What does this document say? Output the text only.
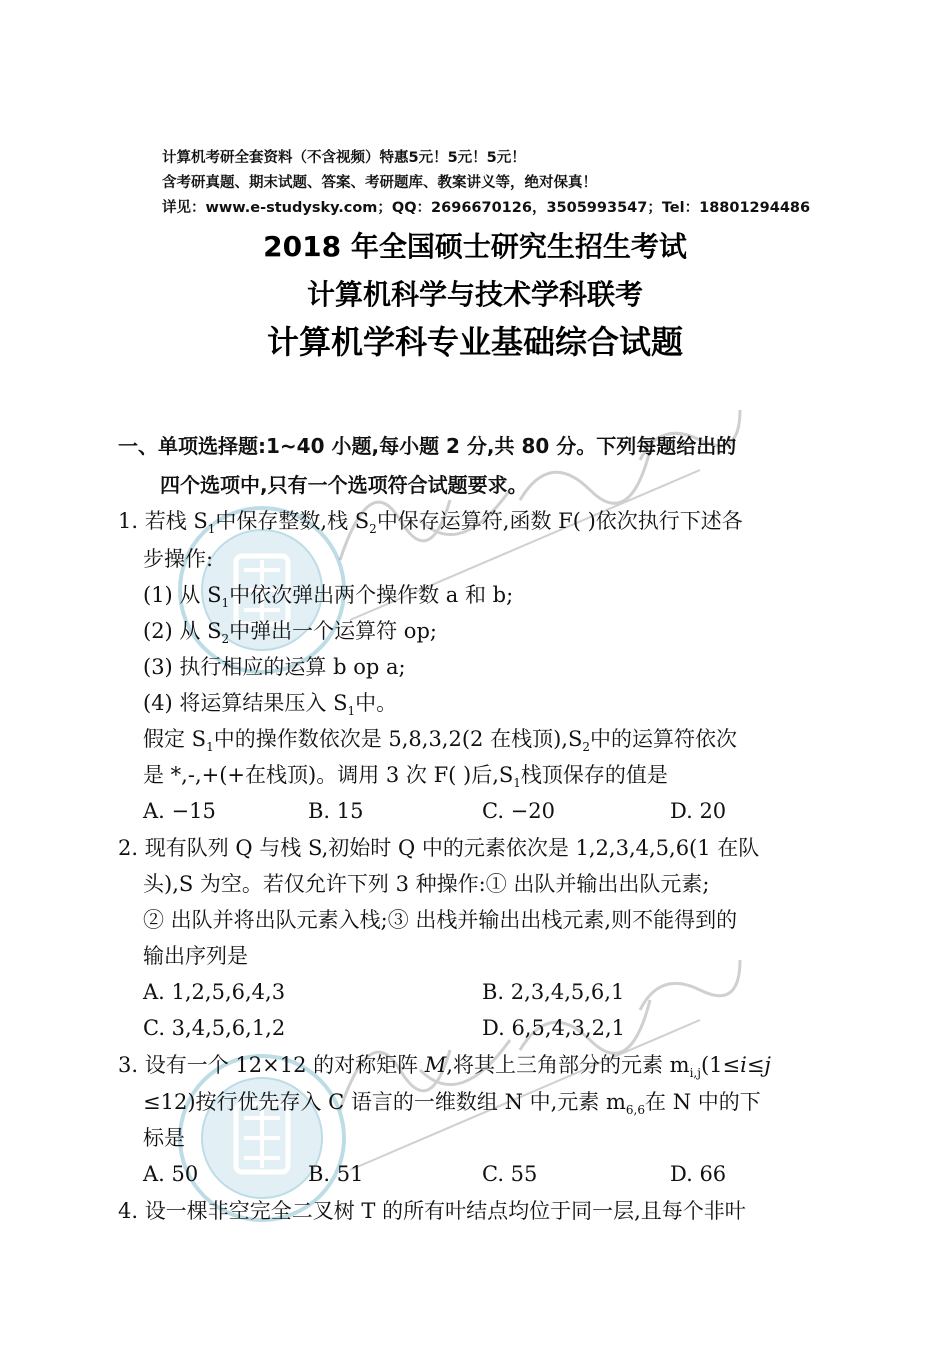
计算机考研全套资料（不含视频）特惠5元！5元！5元！
含考研真题、期末试题、答案、考研题库、教案讲义等，绝对保真！
详见：www.e-studysky.com；QQ：2696670126，3505993547；Tel：18801294486
2018 年全国硕士研究生招生考试
计算机科学与技术学科联考
计算机学科专业基础综合试题
一、单项选择题:1~40 小题,每小题 2 分,共 80 分。下列每题给出的
四个选项中,只有一个选项符合试题要求。
1. 若栈 $S_1$中保存整数,栈 $S_2$中保存运算符,函数 F( )依次执行下述各
步操作:
(1) 从 $S_1$中依次弹出两个操作数 a 和 b;
(2) 从 $S_2$中弹出一个运算符 op;
(3) 执行相应的运算 b op a;
(4) 将运算结果压入 $S_1$中。
假定 $S_1$中的操作数依次是 5,8,3,2(2 在栈顶)$,S_2$中的运算符依次
是 *,-,+(+在栈顶)。调用 3 次 F( )后$,S_1$栈顶保存的值是
A. −15	B. 15	C. −20	D. 20
2. 现有队列 Q 与栈 S,初始时 Q 中的元素依次是 1,2,3,4,5,6(1 在队
头),S 为空。若仅允许下列 3 种操作:① 出队并输出出队元素;
② 出队并将出队元素入栈;③ 出栈并输出出栈元素,则不能得到的
输出序列是
A. 1,2,5,6,4,3	B. 2,3,4,5,6,1
C. 3,4,5,6,1,2	D. 6,5,4,3,2,1
3. 设有一个 12×12 的对称矩阵 M,将其上三角部分的元素 $m_{i,j}(1\le i\le j$
≤12)按行优先存入 C 语言的一维数组 N 中,元素 $m_{6,6}$在 N 中的下
标是
A. 50	B. 51	C. 55	D. 66
4. 设一棵非空完全二叉树 T 的所有叶结点均位于同一层,且每个非叶
